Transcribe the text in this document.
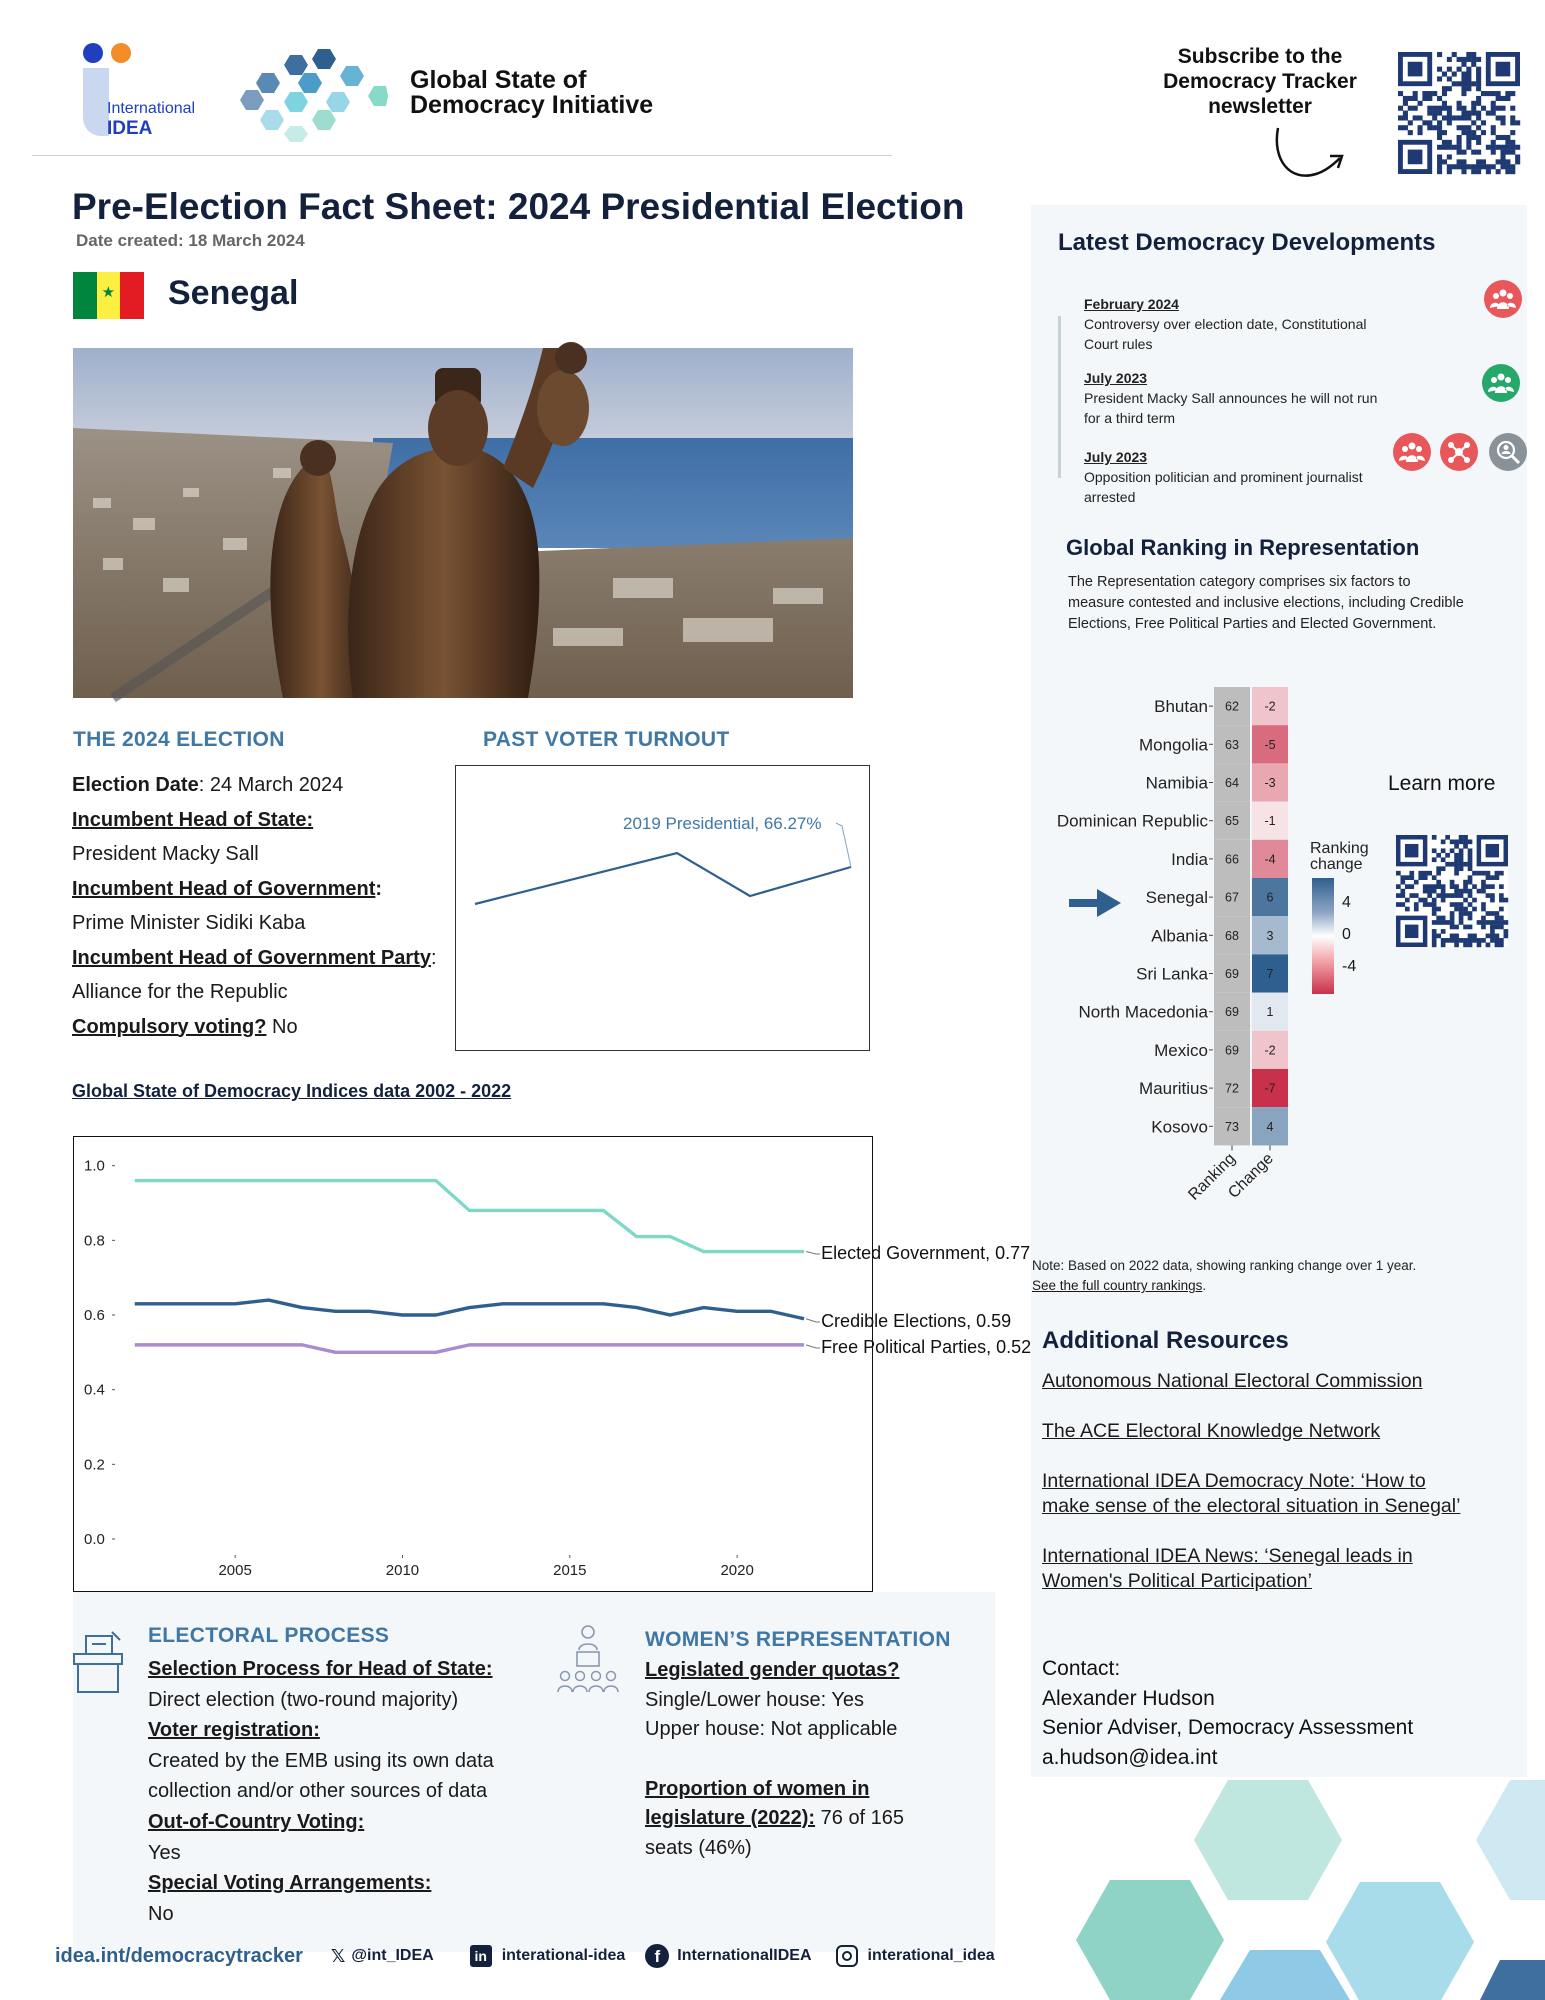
International
IDEA
Global State of
Democracy Initiative
Subscribe to the
Democracy Tracker
newsletter
Pre-Election Fact Sheet: 2024 Presidential Election
Date created: 18 March 2024
★ Senegal
THE 2024 ELECTION
Election Date: 24 March 2024
Incumbent Head of State:
President Macky Sall
Incumbent Head of Government:
Prime Minister Sidiki Kaba
Incumbent Head of Government Party:
Alliance for the Republic
Compulsory voting? No
PAST VOTER TURNOUT
2019 Presidential, 66.27%
Global State of Democracy Indices data 2002 - 2022
0.0
0.2
0.4
0.6
0.8
1.0
2005	2010	2015	2020
Elected Government, 0.77
Credible Elections, 0.59
Free Political Parties, 0.52
ELECTORAL PROCESS
Selection Process for Head of State:
Direct election (two-round majority)
Voter registration:
Created by the EMB using its own data
collection and/or other sources of data
Out-of-Country Voting:
Yes
Special Voting Arrangements:
No
WOMEN’S REPRESENTATION
Legislated gender quotas?
Single/Lower house: Yes
Upper house: Not applicable
Proportion of women in
legislature (2022): 76 of 165
seats (46%)
idea.int/democracytracker 𝕏 @int_IDEA	in interational-idea	f	InternationalIDEA	interational_idea
Latest Democracy Developments
February 2024
Controversy over election date, Constitutional
Court rules
July 2023
President Macky Sall announces he will not run
for a third term
July 2023
Opposition politician and prominent journalist
arrested
Global Ranking in Representation
The Representation category comprises six factors to
measure contested and inclusive elections, including Credible
Elections, Free Political Parties and Elected Government.
Bhutan 62 -2
Mongolia 63 -5
Namibia 64 -3
Dominican Republic 65 -1
India 66 -4
Senegal 67 6
Albania 68 3
Sri Lanka 69 7
North Macedonia 69 1
Mexico 69 -2
Mauritius 72 -7
Kosovo 73 4
Ranking
Change
Ranking
change
4
0
-4
Learn more
Note: Based on 2022 data, showing ranking change over 1 year.
See the full country rankings.
Additional Resources
Autonomous National Electoral Commission
The ACE Electoral Knowledge Network
International IDEA Democracy Note: ‘How to
make sense of the electoral situation in Senegal’
International IDEA News: ‘Senegal leads in
Women's Political Participation’
Contact:
Alexander Hudson
Senior Adviser, Democracy Assessment
a.hudson@idea.int
